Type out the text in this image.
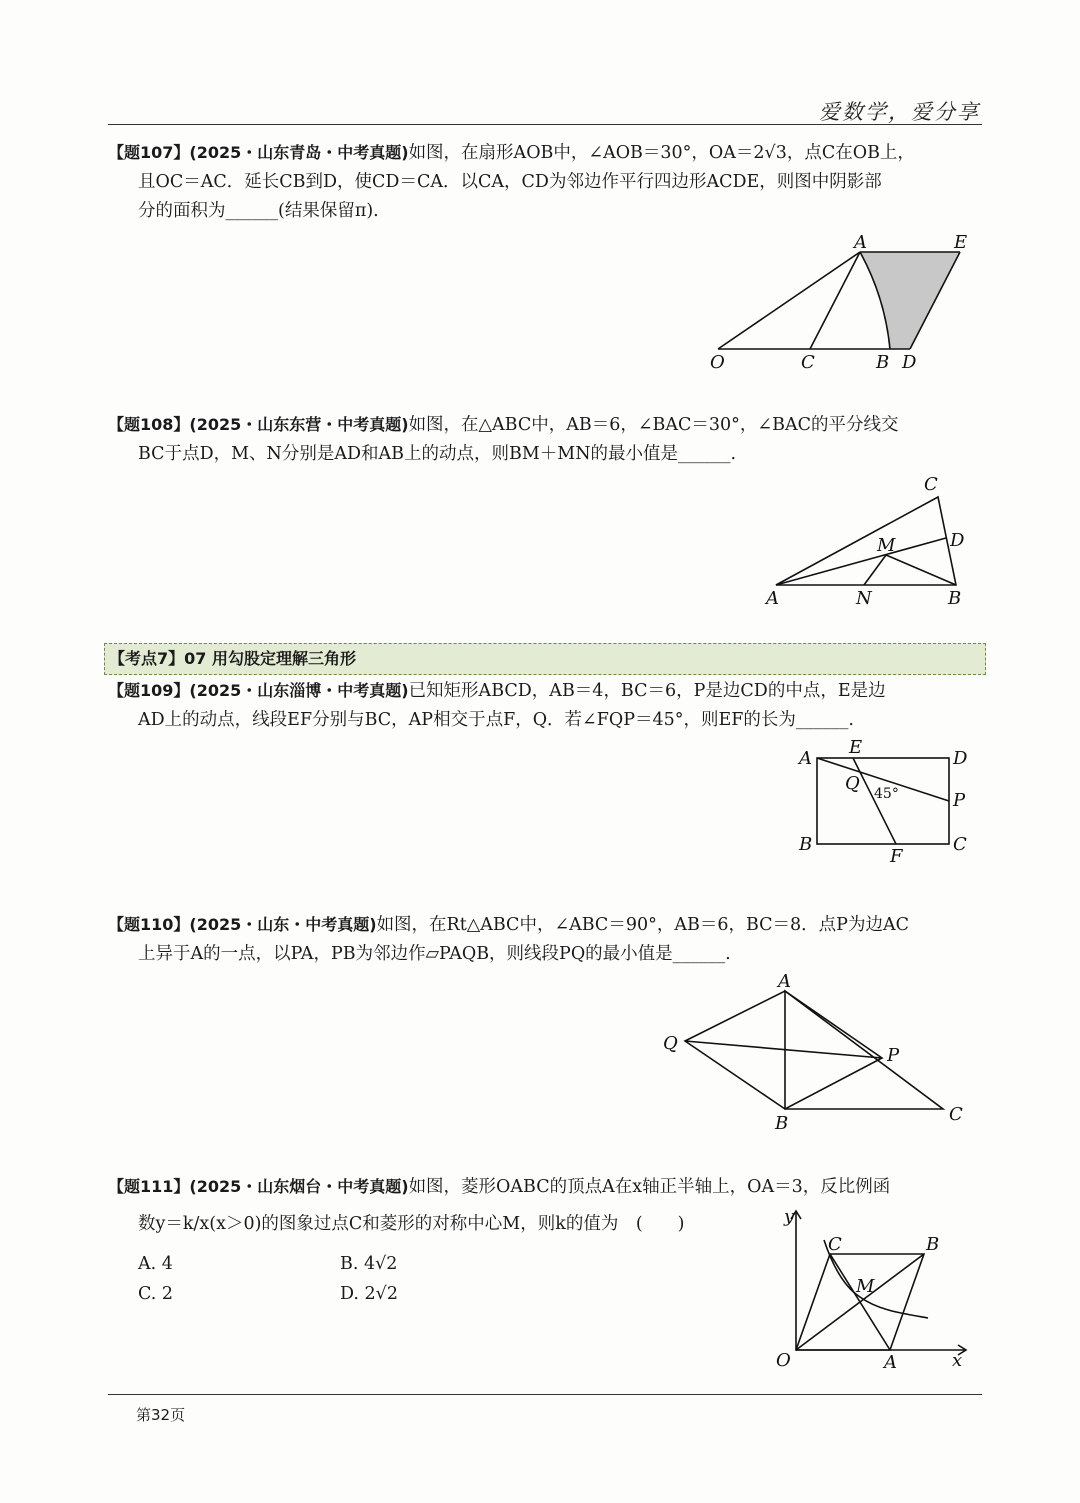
爱数学，爱分享
【题107】(2025・山东青岛・中考真题)如图，在扇形AOB中，∠AOB＝30°，OA＝2√3，点C在OB上，
且OC＝AC．延长CB到D，使CD＝CA．以CA，CD为邻边作平行四边形ACDE，则图中阴影部
分的面积为______(结果保留π).
A	E
O	C	B D
【题108】(2025・山东东营・中考真题)如图，在△ABC中，AB＝6，∠BAC＝30°，∠BAC的平分线交
BC于点D，M、N分别是AD和AB上的动点，则BM＋MN的最小值是______.
C
D
M
A	N	B
【考点7】07 用勾股定理解三角形
【题109】(2025・山东淄博・中考真题)已知矩形ABCD，AB＝4，BC＝6，P是边CD的中点，E是边
AD上的动点，线段EF分别与BC，AP相交于点F，Q．若∠FQP＝45°，则EF的长为______.
A
E
D
Q 45°	P
B
F
C
【题110】(2025・山东・中考真题)如图，在Rt△ABC中，∠ABC＝90°，AB＝6，BC＝8．点P为边AC
上异于A的一点，以PA，PB为邻边作▱PAQB，则线段PQ的最小值是______.
A
Q
P
B	C
【题111】(2025・山东烟台・中考真题)如图，菱形OABC的顶点A在x轴正半轴上，OA＝3，反比例函
数y＝k/x(x＞0)的图象过点C和菱形的对称中心M，则k的值为　(　　)
A. 4	B. 4√2
C. 2	D. 2√2
y
C	B
M
O	A	x
第32页
